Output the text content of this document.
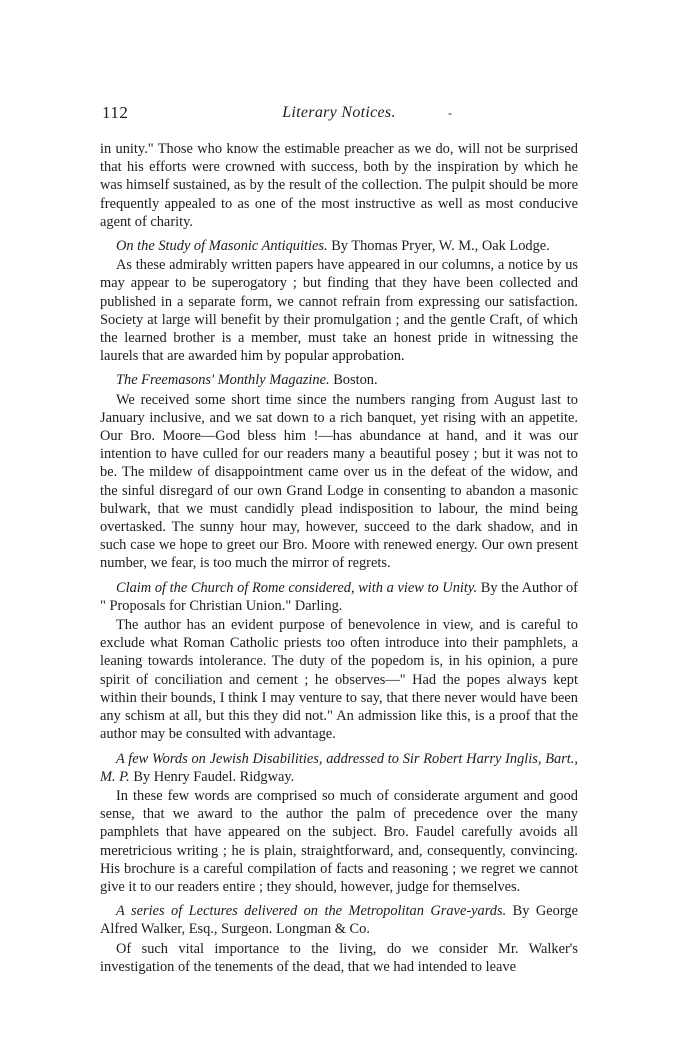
112	Literary Notices.	-

in unity." Those who know the estimable preacher as we do, will not be surprised that his efforts were crowned with success, both by the inspiration by which he was himself sustained, as by the result of the collection. The pulpit should be more frequently appealed to as one of the most instructive as well as most conducive agent of charity.

On the Study of Masonic Antiquities. By Thomas Pryer, W. M., Oak Lodge.

As these admirably written papers have appeared in our columns, a notice by us may appear to be superogatory ; but finding that they have been collected and published in a separate form, we cannot refrain from expressing our satisfaction. Society at large will benefit by their promulgation ; and the gentle Craft, of which the learned brother is a member, must take an honest pride in witnessing the laurels that are awarded him by popular approbation.

The Freemasons' Monthly Magazine. Boston.

We received some short time since the numbers ranging from August last to January inclusive, and we sat down to a rich banquet, yet rising with an appetite. Our Bro. Moore—God bless him !—has abundance at hand, and it was our intention to have culled for our readers many a beautiful posey ; but it was not to be. The mildew of disappointment came over us in the defeat of the widow, and the sinful disregard of our own Grand Lodge in consenting to abandon a masonic bulwark, that we must candidly plead indisposition to labour, the mind being overtasked. The sunny hour may, however, succeed to the dark shadow, and in such case we hope to greet our Bro. Moore with renewed energy. Our own present number, we fear, is too much the mirror of regrets.

Claim of the Church of Rome considered, with a view to Unity. By the Author of " Proposals for Christian Union." Darling.

The author has an evident purpose of benevolence in view, and is careful to exclude what Roman Catholic priests too often introduce into their pamphlets, a leaning towards intolerance. The duty of the popedom is, in his opinion, a pure spirit of conciliation and cement ; he observes—" Had the popes always kept within their bounds, I think I may venture to say, that there never would have been any schism at all, but this they did not." An admission like this, is a proof that the author may be consulted with advantage.

A few Words on Jewish Disabilities, addressed to Sir Robert Harry Inglis, Bart., M. P. By Henry Faudel. Ridgway.

In these few words are comprised so much of considerate argument and good sense, that we award to the author the palm of precedence over the many pamphlets that have appeared on the subject. Bro. Faudel carefully avoids all meretricious writing ; he is plain, straightforward, and, consequently, convincing. His brochure is a careful compilation of facts and reasoning ; we regret we cannot give it to our readers entire ; they should, however, judge for themselves.

A series of Lectures delivered on the Metropolitan Grave-yards. By George Alfred Walker, Esq., Surgeon. Longman & Co.

Of such vital importance to the living, do we consider Mr. Walker's investigation of the tenements of the dead, that we had intended to leave
